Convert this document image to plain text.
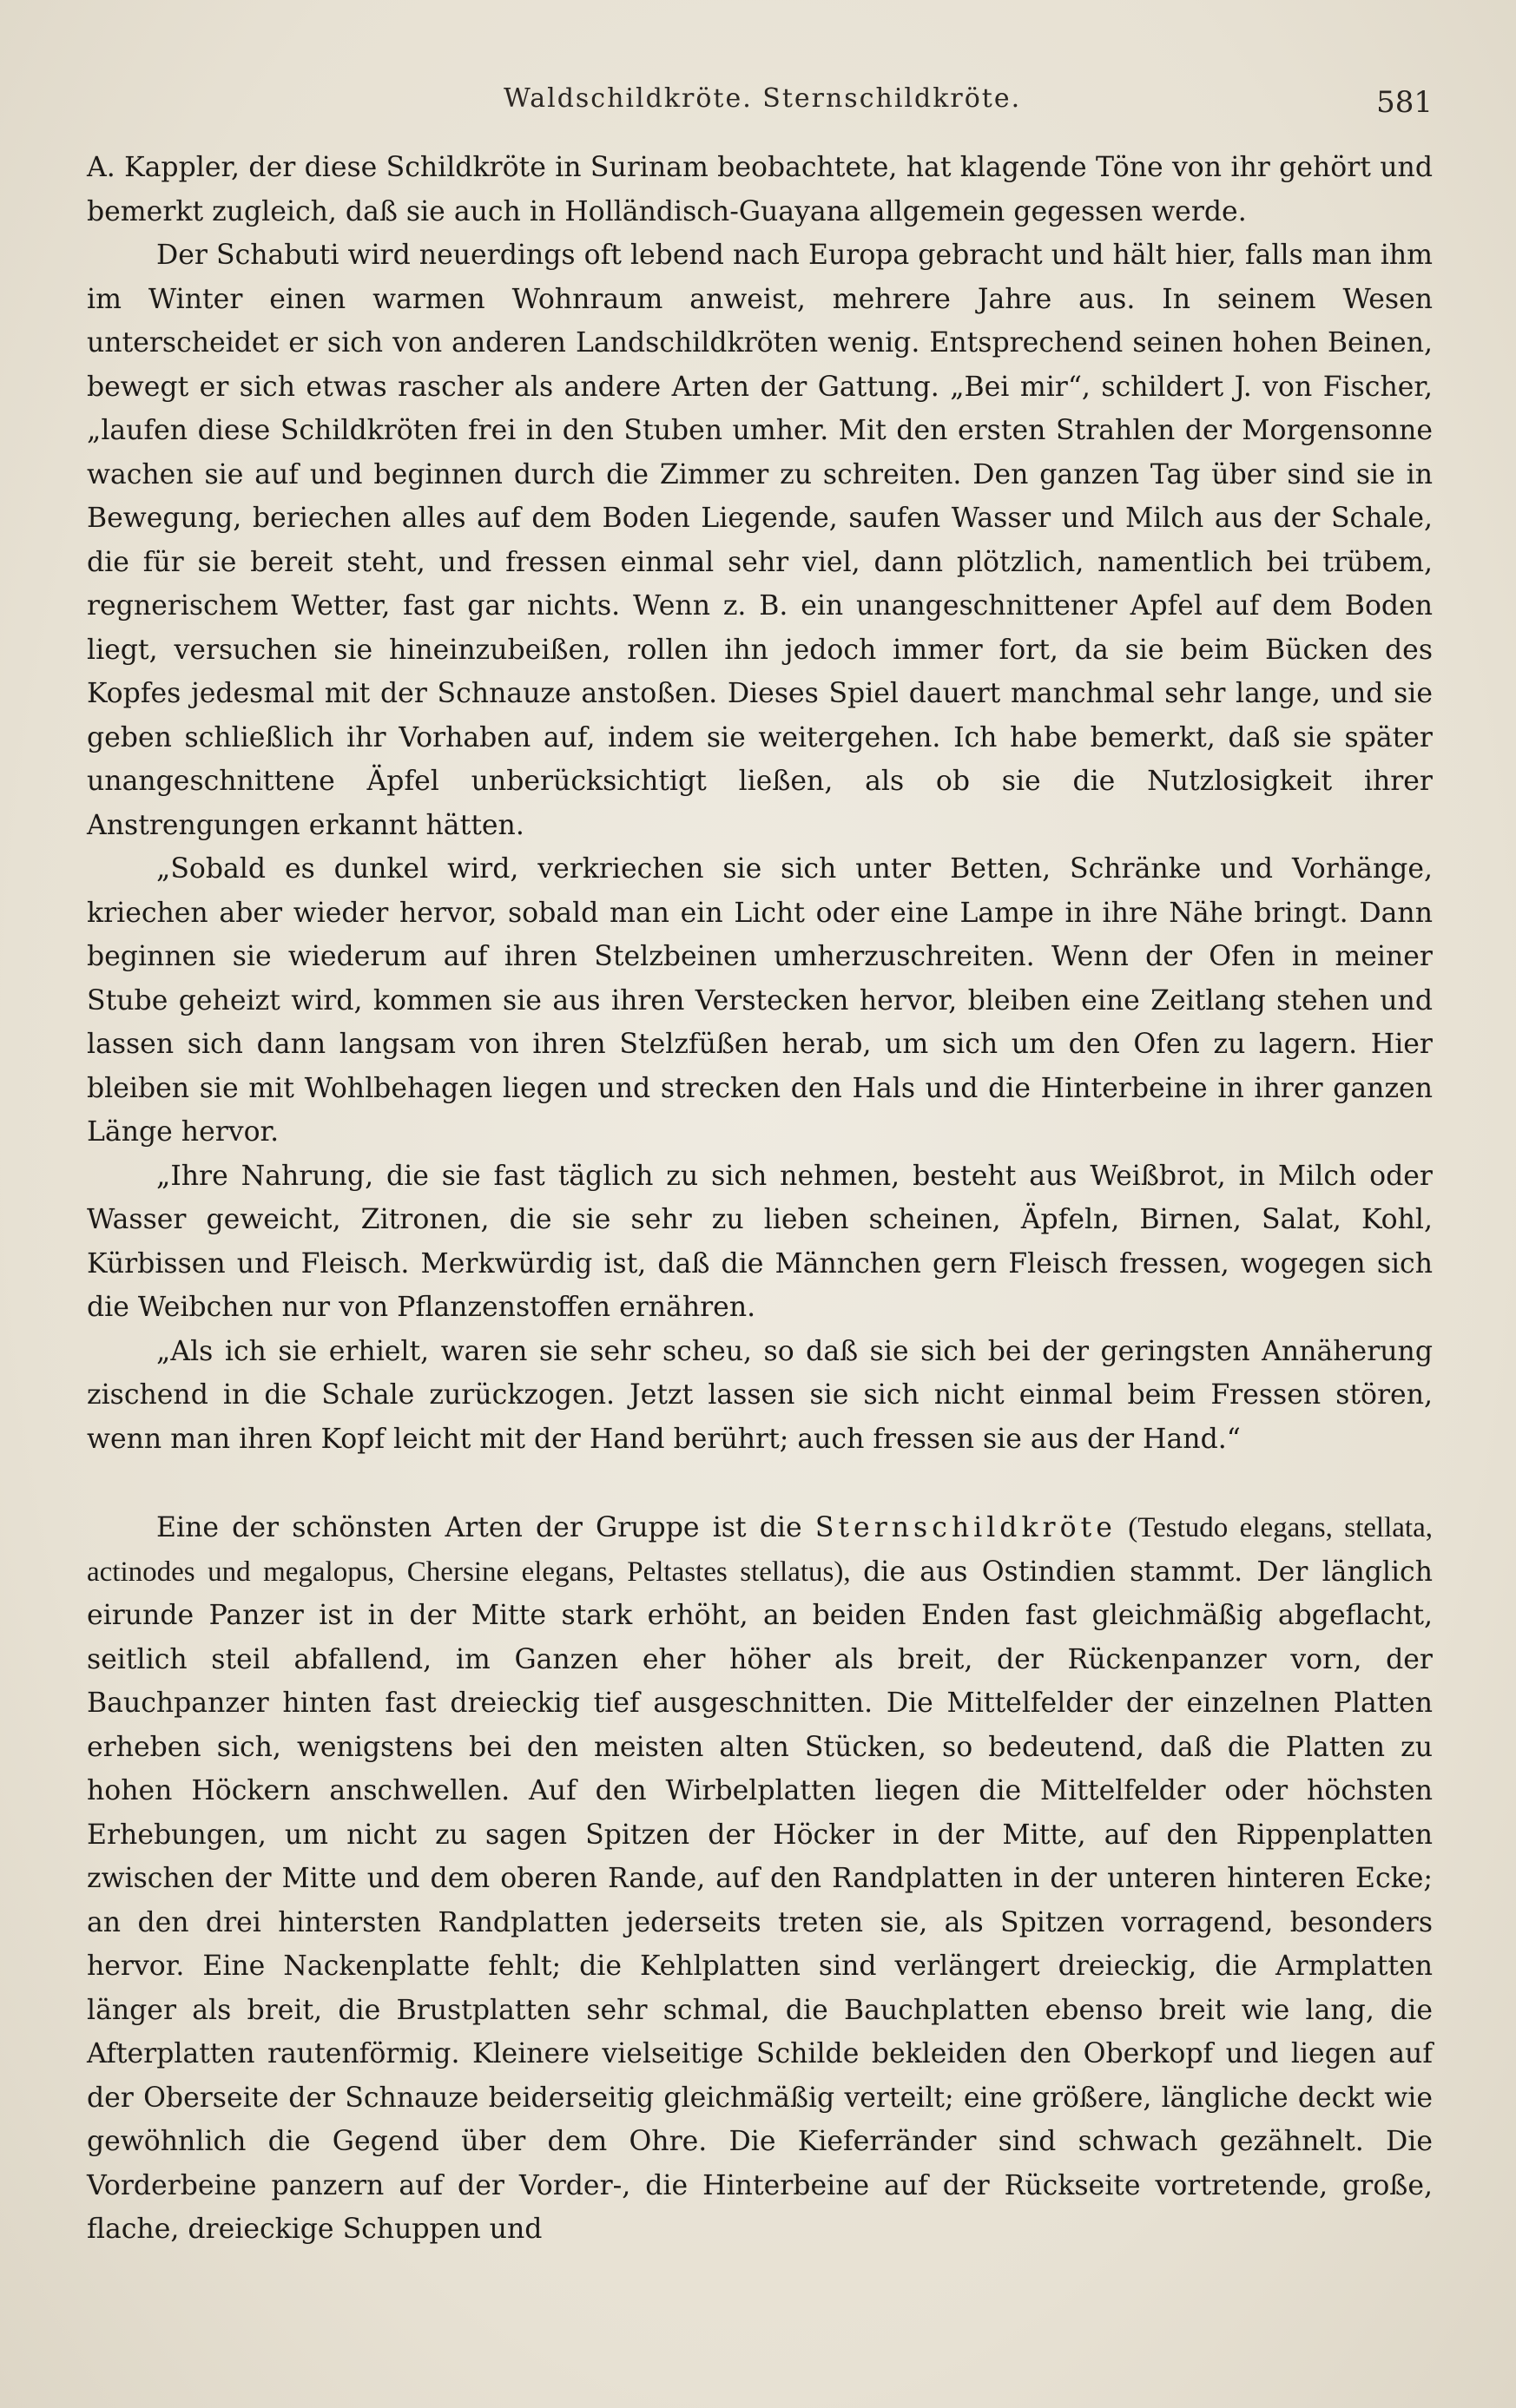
Waldschildkröte. Sternschildkröte.	581

A. Kappler, der diese Schildkröte in Surinam beobachtete, hat klagende Töne von ihr gehört und bemerkt zugleich, daß sie auch in Holländisch-Guayana allgemein gegessen werde.

Der Schabuti wird neuerdings oft lebend nach Europa gebracht und hält hier, falls man ihm im Winter einen warmen Wohnraum anweist, mehrere Jahre aus. In seinem Wesen unterscheidet er sich von anderen Landschildkröten wenig. Entsprechend seinen hohen Beinen, bewegt er sich etwas rascher als andere Arten der Gattung. „Bei mir“, schildert J. von Fischer, „laufen diese Schildkröten frei in den Stuben umher. Mit den ersten Strahlen der Morgensonne wachen sie auf und beginnen durch die Zimmer zu schreiten. Den ganzen Tag über sind sie in Bewegung, beriechen alles auf dem Boden Liegende, saufen Wasser und Milch aus der Schale, die für sie bereit steht, und fressen einmal sehr viel, dann plötzlich, namentlich bei trübem, regnerischem Wetter, fast gar nichts. Wenn z. B. ein unangeschnittener Apfel auf dem Boden liegt, versuchen sie hineinzubeißen, rollen ihn jedoch immer fort, da sie beim Bücken des Kopfes jedesmal mit der Schnauze anstoßen. Dieses Spiel dauert manchmal sehr lange, und sie geben schließlich ihr Vorhaben auf, indem sie weitergehen. Ich habe bemerkt, daß sie später unangeschnittene Äpfel unberücksichtigt ließen, als ob sie die Nutzlosigkeit ihrer Anstrengungen erkannt hätten.

„Sobald es dunkel wird, verkriechen sie sich unter Betten, Schränke und Vorhänge, kriechen aber wieder hervor, sobald man ein Licht oder eine Lampe in ihre Nähe bringt. Dann beginnen sie wiederum auf ihren Stelzbeinen umherzuschreiten. Wenn der Ofen in meiner Stube geheizt wird, kommen sie aus ihren Verstecken hervor, bleiben eine Zeitlang stehen und lassen sich dann langsam von ihren Stelzfüßen herab, um sich um den Ofen zu lagern. Hier bleiben sie mit Wohlbehagen liegen und strecken den Hals und die Hinterbeine in ihrer ganzen Länge hervor.

„Ihre Nahrung, die sie fast täglich zu sich nehmen, besteht aus Weißbrot, in Milch oder Wasser geweicht, Zitronen, die sie sehr zu lieben scheinen, Äpfeln, Birnen, Salat, Kohl, Kürbissen und Fleisch. Merkwürdig ist, daß die Männchen gern Fleisch fressen, wogegen sich die Weibchen nur von Pflanzenstoffen ernähren.

„Als ich sie erhielt, waren sie sehr scheu, so daß sie sich bei der geringsten Annäherung zischend in die Schale zurückzogen. Jetzt lassen sie sich nicht einmal beim Fressen stören, wenn man ihren Kopf leicht mit der Hand berührt; auch fressen sie aus der Hand.“

Eine der schönsten Arten der Gruppe ist die Sternschildkröte (Testudo elegans, stellata, actinodes und megalopus, Chersine elegans, Peltastes stellatus), die aus Ostindien stammt. Der länglich eirunde Panzer ist in der Mitte stark erhöht, an beiden Enden fast gleichmäßig abgeflacht, seitlich steil abfallend, im Ganzen eher höher als breit, der Rückenpanzer vorn, der Bauchpanzer hinten fast dreieckig tief ausgeschnitten. Die Mittelfelder der einzelnen Platten erheben sich, wenigstens bei den meisten alten Stücken, so bedeutend, daß die Platten zu hohen Höckern anschwellen. Auf den Wirbelplatten liegen die Mittelfelder oder höchsten Erhebungen, um nicht zu sagen Spitzen der Höcker in der Mitte, auf den Rippenplatten zwischen der Mitte und dem oberen Rande, auf den Randplatten in der unteren hinteren Ecke; an den drei hintersten Randplatten jederseits treten sie, als Spitzen vorragend, besonders hervor. Eine Nackenplatte fehlt; die Kehlplatten sind verlängert dreieckig, die Armplatten länger als breit, die Brustplatten sehr schmal, die Bauchplatten ebenso breit wie lang, die Afterplatten rautenförmig. Kleinere vielseitige Schilde bekleiden den Oberkopf und liegen auf der Oberseite der Schnauze beiderseitig gleichmäßig verteilt; eine größere, längliche deckt wie gewöhnlich die Gegend über dem Ohre. Die Kieferränder sind schwach gezähnelt. Die Vorderbeine panzern auf der Vorder-, die Hinterbeine auf der Rückseite vortretende, große, flache, dreieckige Schuppen und
